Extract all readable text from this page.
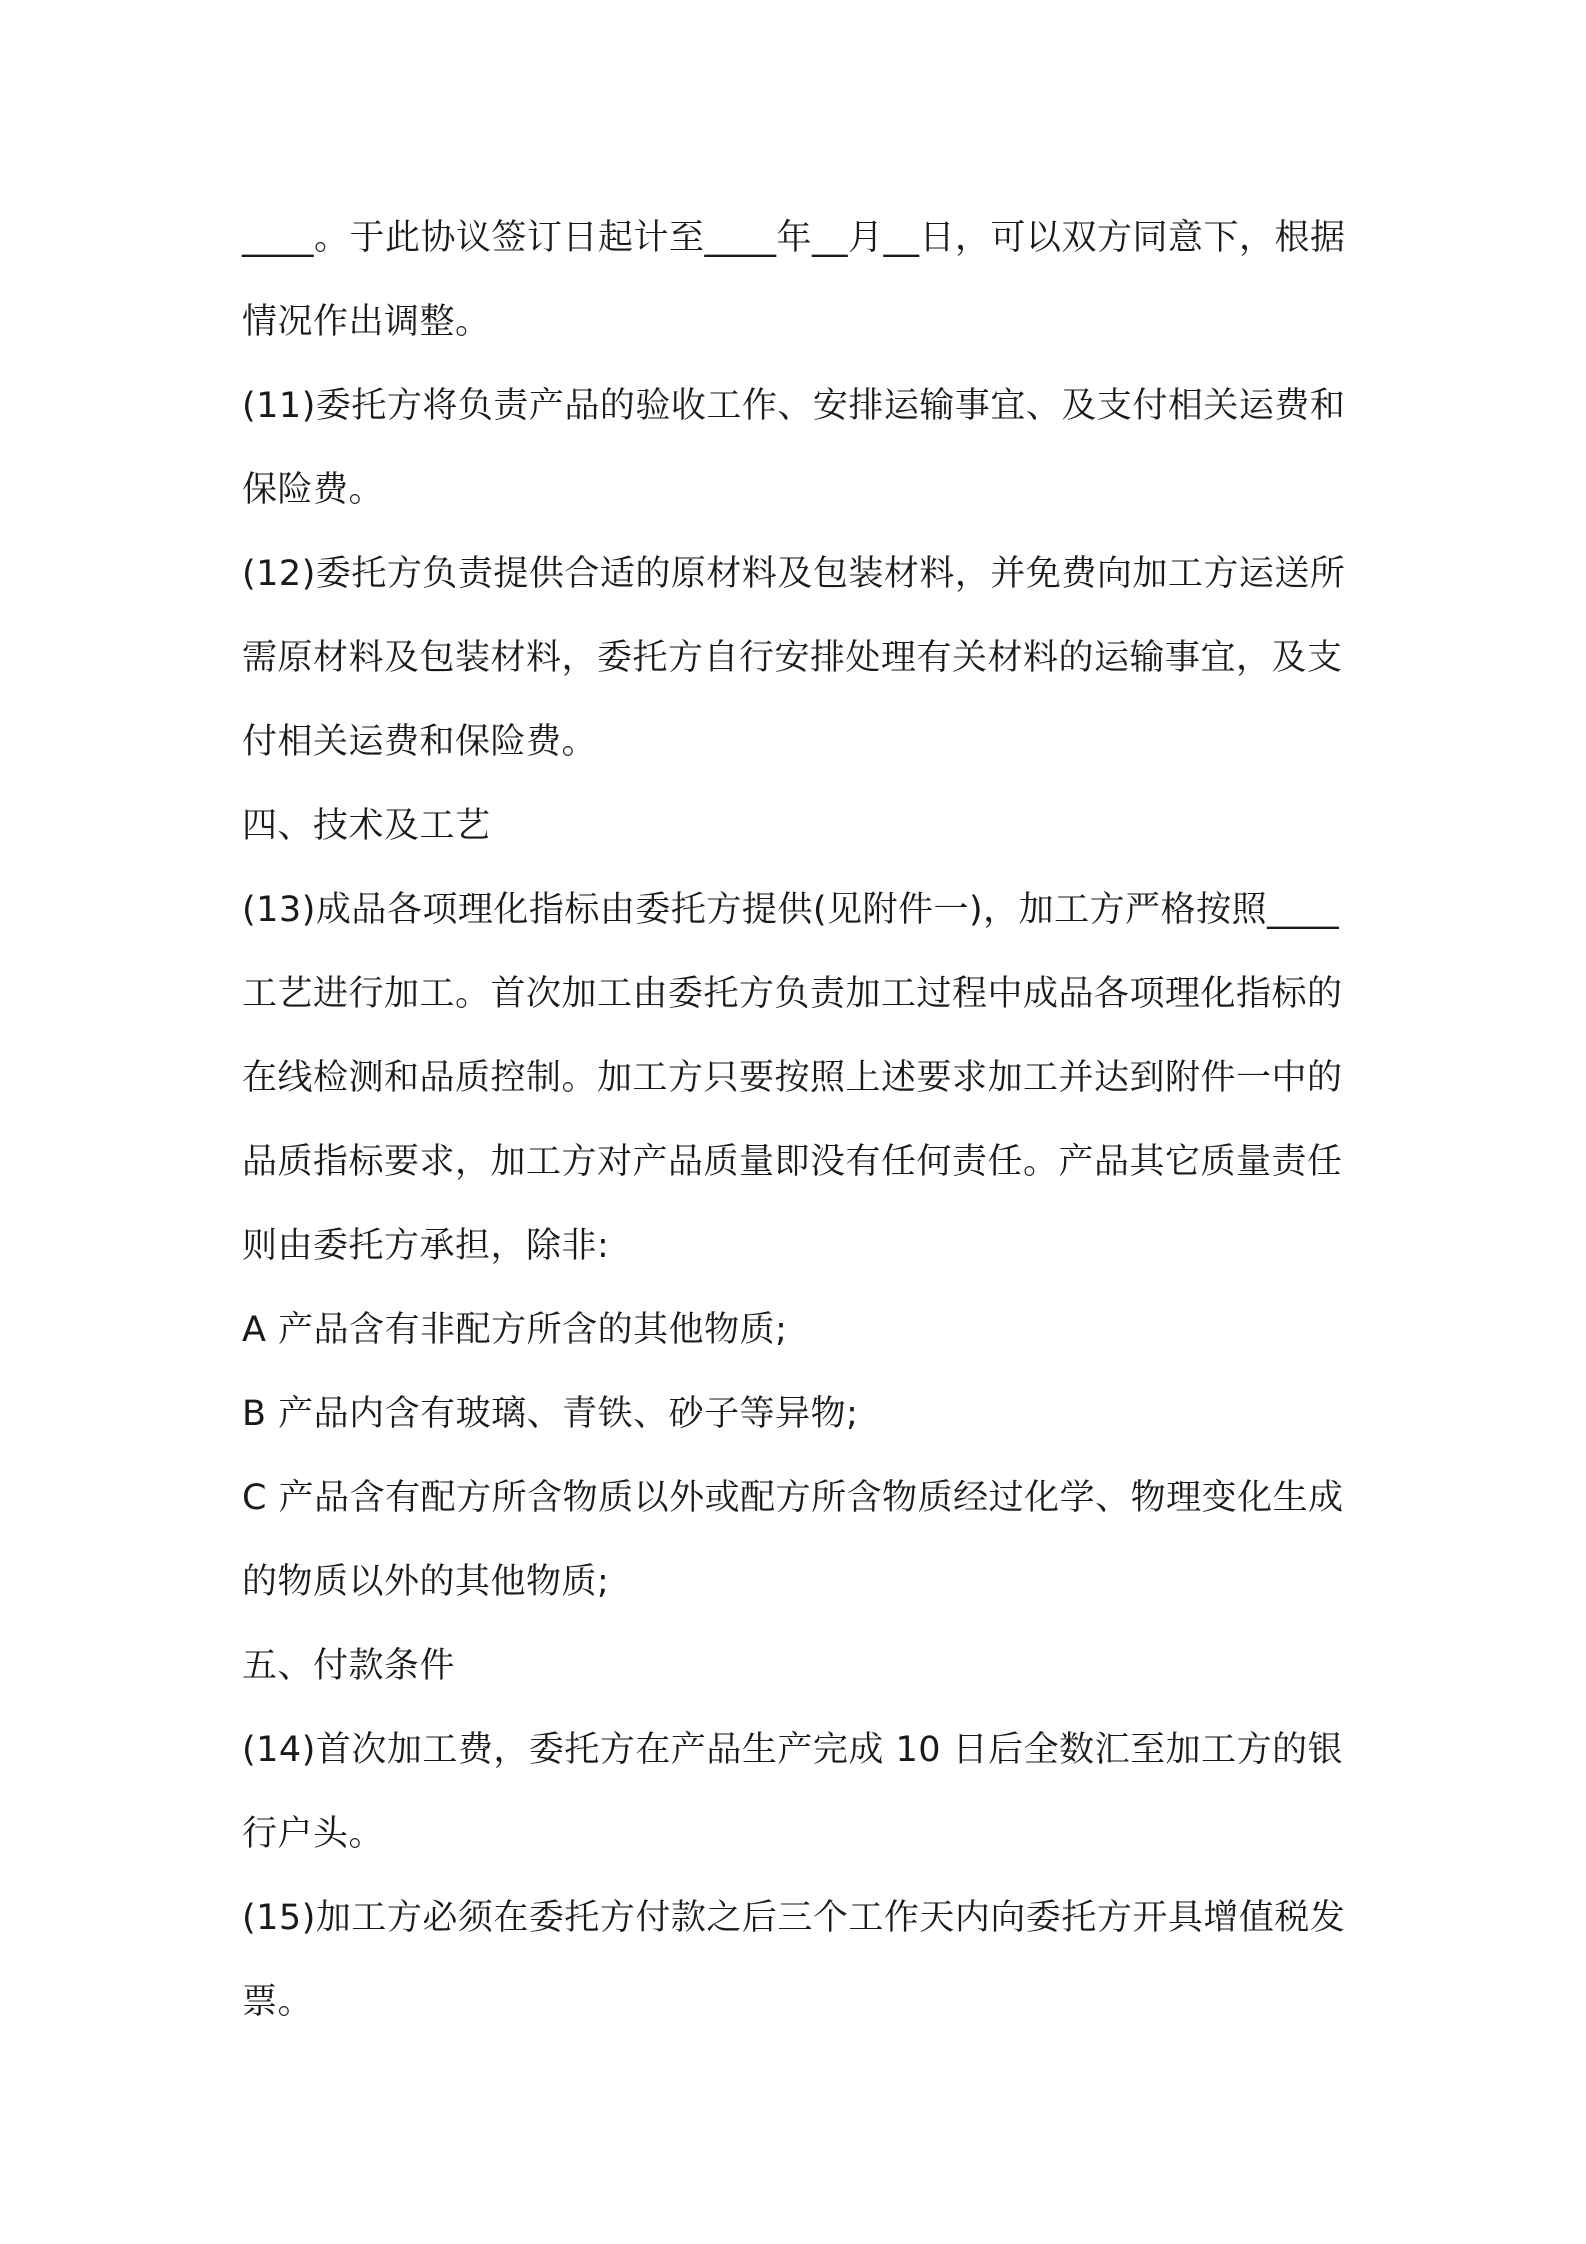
____。于此协议签订日起计至____年__月__日，可以双方同意下，根据情况作出调整。

(11)委托方将负责产品的验收工作、安排运输事宜、及支付相关运费和保险费。

(12)委托方负责提供合适的原材料及包装材料，并免费向加工方运送所需原材料及包装材料，委托方自行安排处理有关材料的运输事宜，及支付相关运费和保险费。

四、技术及工艺

(13)成品各项理化指标由委托方提供(见附件一)，加工方严格按照____工艺进行加工。首次加工由委托方负责加工过程中成品各项理化指标的在线检测和品质控制。加工方只要按照上述要求加工并达到附件一中的品质指标要求，加工方对产品质量即没有任何责任。产品其它质量责任则由委托方承担，除非:

A 产品含有非配方所含的其他物质;

B 产品内含有玻璃、青铁、砂子等异物;

C 产品含有配方所含物质以外或配方所含物质经过化学、物理变化生成的物质以外的其他物质;

五、付款条件

(14)首次加工费，委托方在产品生产完成 10 日后全数汇至加工方的银行户头。

(15)加工方必须在委托方付款之后三个工作天内向委托方开具增值税发票。
